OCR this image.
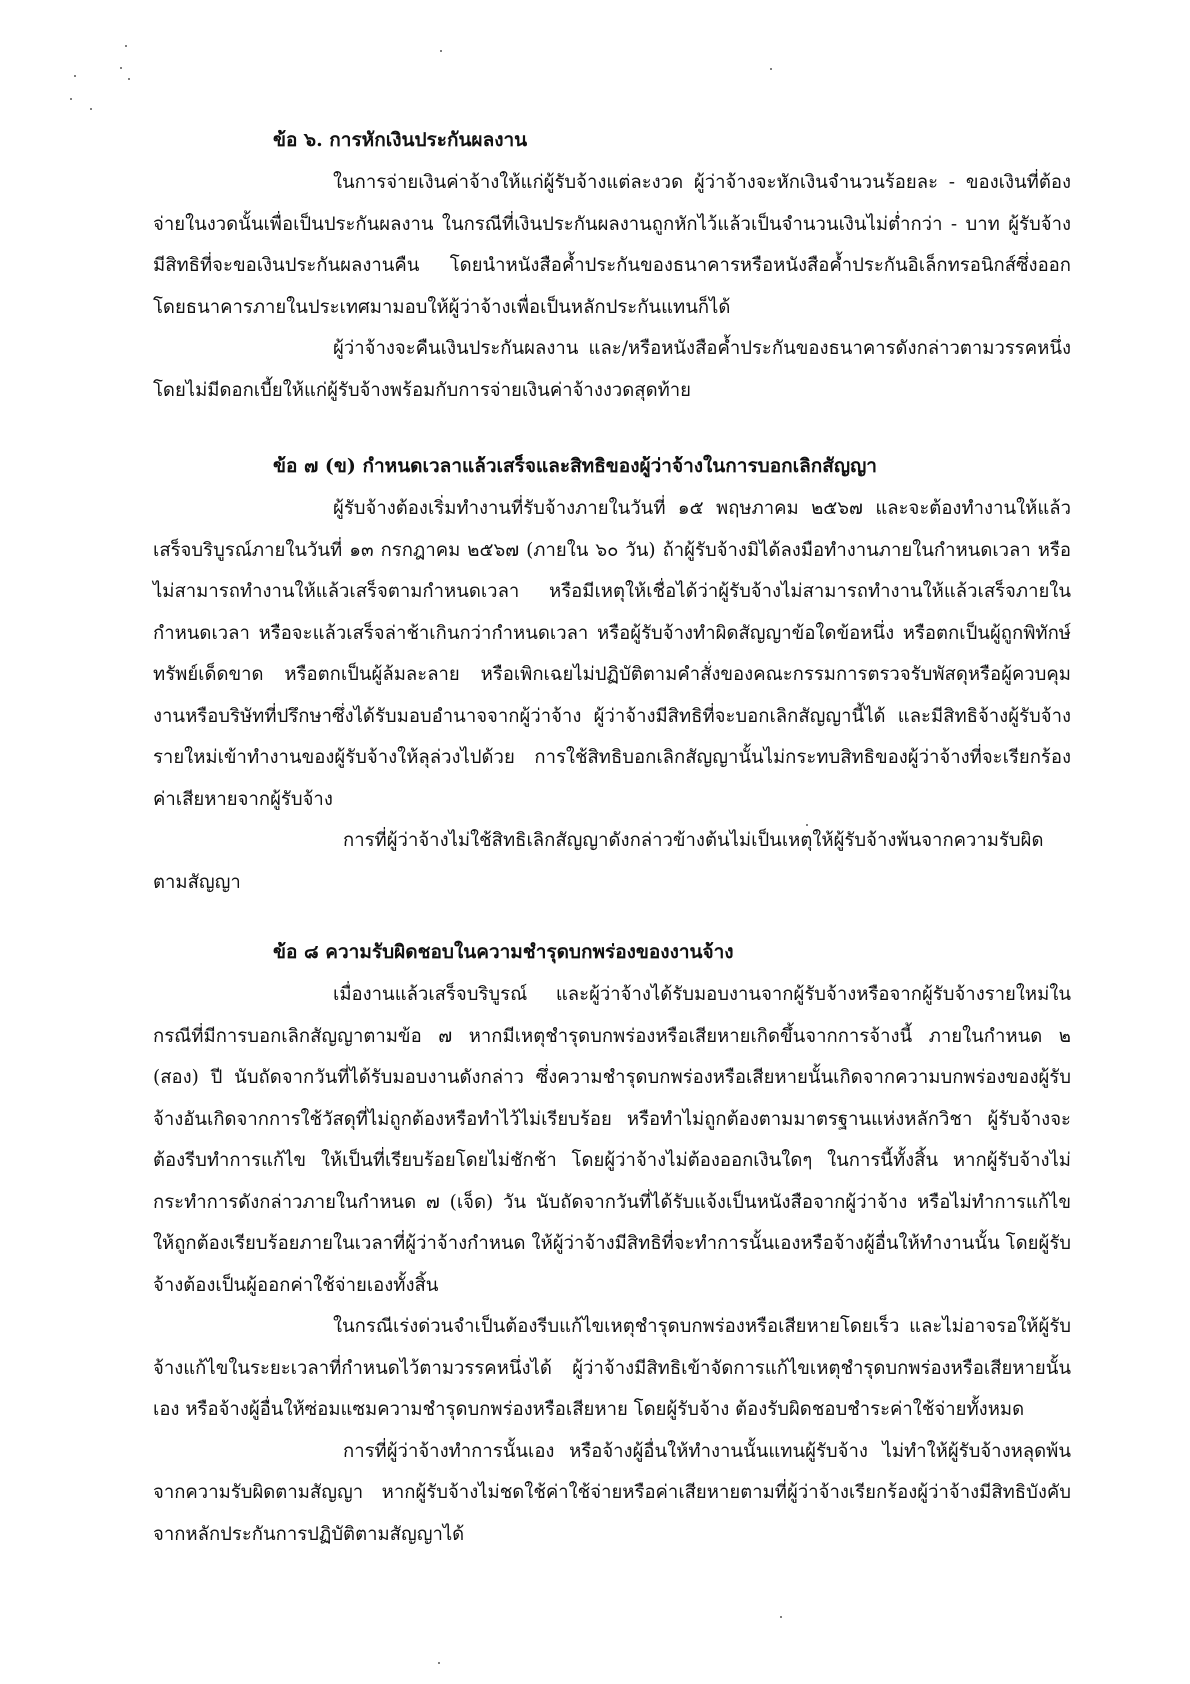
ข้อ ๖. การหักเงินประกันผลงาน

ในการจ่ายเงินค่าจ้างให้แก่ผู้รับจ้างแต่ละงวด ผู้ว่าจ้างจะหักเงินจำนวนร้อยละ - ของเงินที่ต้องจ่ายในงวดนั้นเพื่อเป็นประกันผลงาน ในกรณีที่เงินประกันผลงานถูกหักไว้แล้วเป็นจำนวนเงินไม่ต่ำกว่า - บาท ผู้รับจ้างมีสิทธิที่จะขอเงินประกันผลงานคืน โดยนำหนังสือค้ำประกันของธนาคารหรือหนังสือค้ำประกันอิเล็กทรอนิกส์ซึ่งออกโดยธนาคารภายในประเทศมามอบให้ผู้ว่าจ้างเพื่อเป็นหลักประกันแทนก็ได้

ผู้ว่าจ้างจะคืนเงินประกันผลงาน และ/หรือหนังสือค้ำประกันของธนาคารดังกล่าวตามวรรคหนึ่งโดยไม่มีดอกเบี้ยให้แก่ผู้รับจ้างพร้อมกับการจ่ายเงินค่าจ้างงวดสุดท้าย

ข้อ ๗ (ข) กำหนดเวลาแล้วเสร็จและสิทธิของผู้ว่าจ้างในการบอกเลิกสัญญา

ผู้รับจ้างต้องเริ่มทำงานที่รับจ้างภายในวันที่ ๑๕ พฤษภาคม ๒๕๖๗ และจะต้องทำงานให้แล้วเสร็จบริบูรณ์ภายในวันที่ ๑๓ กรกฎาคม ๒๕๖๗ (ภายใน ๖๐ วัน) ถ้าผู้รับจ้างมิได้ลงมือทำงานภายในกำหนดเวลา หรือไม่สามารถทำงานให้แล้วเสร็จตามกำหนดเวลา หรือมีเหตุให้เชื่อได้ว่าผู้รับจ้างไม่สามารถทำงานให้แล้วเสร็จภายในกำหนดเวลา หรือจะแล้วเสร็จล่าช้าเกินกว่ากำหนดเวลา หรือผู้รับจ้างทำผิดสัญญาข้อใดข้อหนึ่ง หรือตกเป็นผู้ถูกพิทักษ์ทรัพย์เด็ดขาด หรือตกเป็นผู้ล้มละลาย หรือเพิกเฉยไม่ปฏิบัติตามคำสั่งของคณะกรรมการตรวจรับพัสดุหรือผู้ควบคุมงานหรือบริษัทที่ปรึกษาซึ่งได้รับมอบอำนาจจากผู้ว่าจ้าง ผู้ว่าจ้างมีสิทธิที่จะบอกเลิกสัญญานี้ได้ และมีสิทธิจ้างผู้รับจ้างรายใหม่เข้าทำงานของผู้รับจ้างให้ลุล่วงไปด้วย การใช้สิทธิบอกเลิกสัญญานั้นไม่กระทบสิทธิของผู้ว่าจ้างที่จะเรียกร้องค่าเสียหายจากผู้รับจ้าง

การที่ผู้ว่าจ้างไม่ใช้สิทธิเลิกสัญญาดังกล่าวข้างต้นไม่เป็นเหตุให้ผู้รับจ้างพ้นจากความรับผิดตามสัญญา

ข้อ ๘ ความรับผิดชอบในความชำรุดบกพร่องของงานจ้าง

เมื่องานแล้วเสร็จบริบูรณ์ และผู้ว่าจ้างได้รับมอบงานจากผู้รับจ้างหรือจากผู้รับจ้างรายใหม่ในกรณีที่มีการบอกเลิกสัญญาตามข้อ ๗ หากมีเหตุชำรุดบกพร่องหรือเสียหายเกิดขึ้นจากการจ้างนี้ ภายในกำหนด ๒ (สอง) ปี นับถัดจากวันที่ได้รับมอบงานดังกล่าว ซึ่งความชำรุดบกพร่องหรือเสียหายนั้นเกิดจากความบกพร่องของผู้รับจ้างอันเกิดจากการใช้วัสดุที่ไม่ถูกต้องหรือทำไว้ไม่เรียบร้อย หรือทำไม่ถูกต้องตามมาตรฐานแห่งหลักวิชา ผู้รับจ้างจะต้องรีบทำการแก้ไข ให้เป็นที่เรียบร้อยโดยไม่ชักช้า โดยผู้ว่าจ้างไม่ต้องออกเงินใดๆ ในการนี้ทั้งสิ้น หากผู้รับจ้างไม่กระทำการดังกล่าวภายในกำหนด ๗ (เจ็ด) วัน นับถัดจากวันที่ได้รับแจ้งเป็นหนังสือจากผู้ว่าจ้าง หรือไม่ทำการแก้ไขให้ถูกต้องเรียบร้อยภายในเวลาที่ผู้ว่าจ้างกำหนด ให้ผู้ว่าจ้างมีสิทธิที่จะทำการนั้นเองหรือจ้างผู้อื่นให้ทำงานนั้น โดยผู้รับจ้างต้องเป็นผู้ออกค่าใช้จ่ายเองทั้งสิ้น

ในกรณีเร่งด่วนจำเป็นต้องรีบแก้ไขเหตุชำรุดบกพร่องหรือเสียหายโดยเร็ว และไม่อาจรอให้ผู้รับจ้างแก้ไขในระยะเวลาที่กำหนดไว้ตามวรรคหนึ่งได้ ผู้ว่าจ้างมีสิทธิเข้าจัดการแก้ไขเหตุชำรุดบกพร่องหรือเสียหายนั้นเอง หรือจ้างผู้อื่นให้ซ่อมแซมความชำรุดบกพร่องหรือเสียหาย โดยผู้รับจ้าง ต้องรับผิดชอบชำระค่าใช้จ่ายทั้งหมด

การที่ผู้ว่าจ้างทำการนั้นเอง หรือจ้างผู้อื่นให้ทำงานนั้นแทนผู้รับจ้าง ไม่ทำให้ผู้รับจ้างหลุดพ้นจากความรับผิดตามสัญญา หากผู้รับจ้างไม่ชดใช้ค่าใช้จ่ายหรือค่าเสียหายตามที่ผู้ว่าจ้างเรียกร้องผู้ว่าจ้างมีสิทธิบังคับจากหลักประกันการปฏิบัติตามสัญญาได้
